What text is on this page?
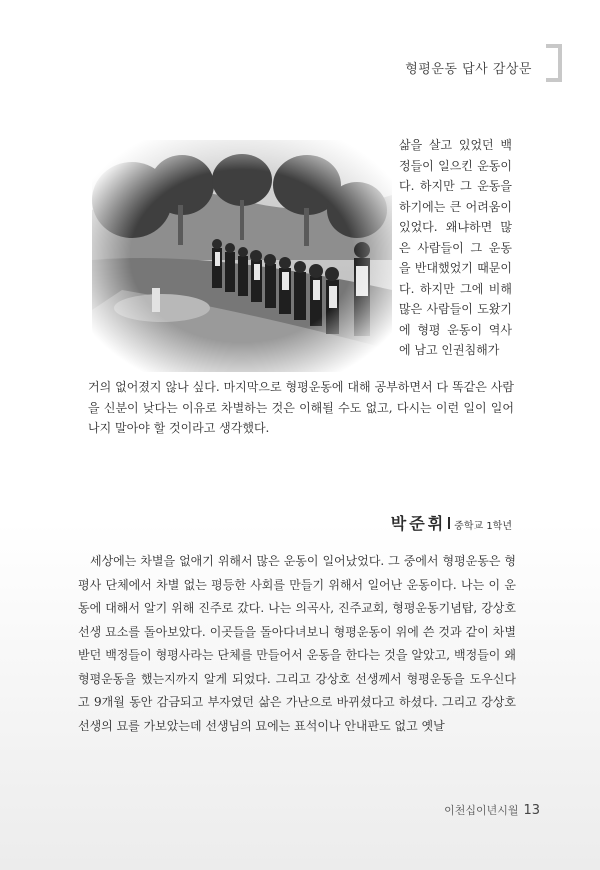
형평운동 답사 감상문

삶을 살고 있었던 백정들이 일으킨 운동이다. 하지만 그 운동을 하기에는 큰 어려움이 있었다. 왜냐하면 많은 사람들이 그 운동을 반대했었기 때문이다. 하지만 그에 비해 많은 사람들이 도왔기에 형평 운동이 역사에 남고 인권침해가

거의 없어졌지 않나 싶다. 마지막으로 형평운동에 대해 공부하면서 다 똑같은 사람을 신분이 낮다는 이유로 차별하는 것은 이해될 수도 없고, 다시는 이런 일이 일어나지 말아야 할 것이라고 생각했다.

박준휘 중학교 1학년

세상에는 차별을 없애기 위해서 많은 운동이 일어났었다. 그 중에서 형평운동은 형평사 단체에서 차별 없는 평등한 사회를 만들기 위해서 일어난 운동이다. 나는 이 운동에 대해서 알기 위해 진주로 갔다. 나는 의곡사, 진주교회, 형평운동기념탑, 강상호 선생 묘소를 돌아보았다. 이곳들을 돌아다녀보니 형평운동이 위에 쓴 것과 같이 차별 받던 백정들이 형평사라는 단체를 만들어서 운동을 한다는 것을 알았고, 백정들이 왜 형평운동을 했는지까지 알게 되었다. 그리고 강상호 선생께서 형평운동을 도우신다고 9개월 동안 감금되고 부자였던 삶은 가난으로 바뀌셨다고 하셨다. 그리고 강상호 선생의 묘를 가보았는데 선생님의 묘에는 표석이나 안내판도 없고 옛날

이천십이년시월 13
